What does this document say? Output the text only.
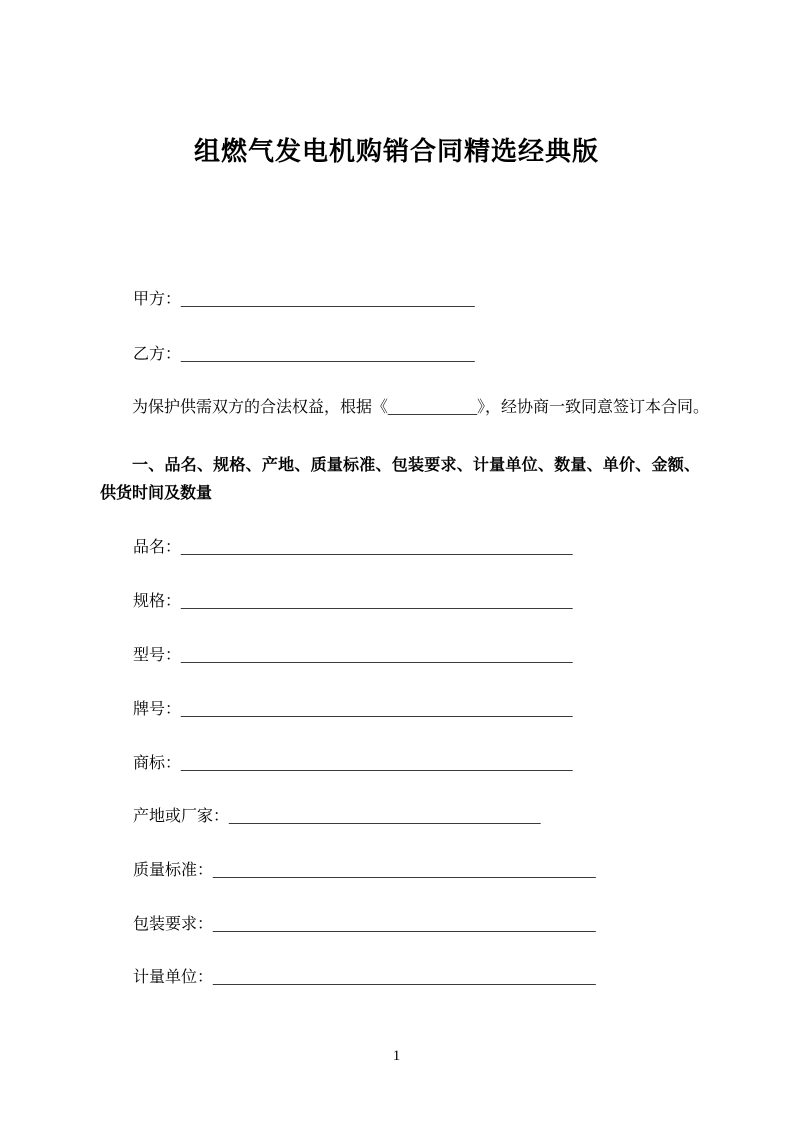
组燃气发电机购销合同精选经典版
甲方：_________________________________
乙方：_________________________________
为保护供需双方的合法权益，根据《__________》，经协商一致同意签订本合同。
一、品名、规格、产地、质量标准、包装要求、计量单位、数量、单价、金额、
供货时间及数量
品名：____________________________________________
规格：____________________________________________
型号：____________________________________________
牌号：____________________________________________
商标：____________________________________________
产地或厂家：___________________________________
质量标准：___________________________________________
包装要求：___________________________________________
计量单位：___________________________________________
1
